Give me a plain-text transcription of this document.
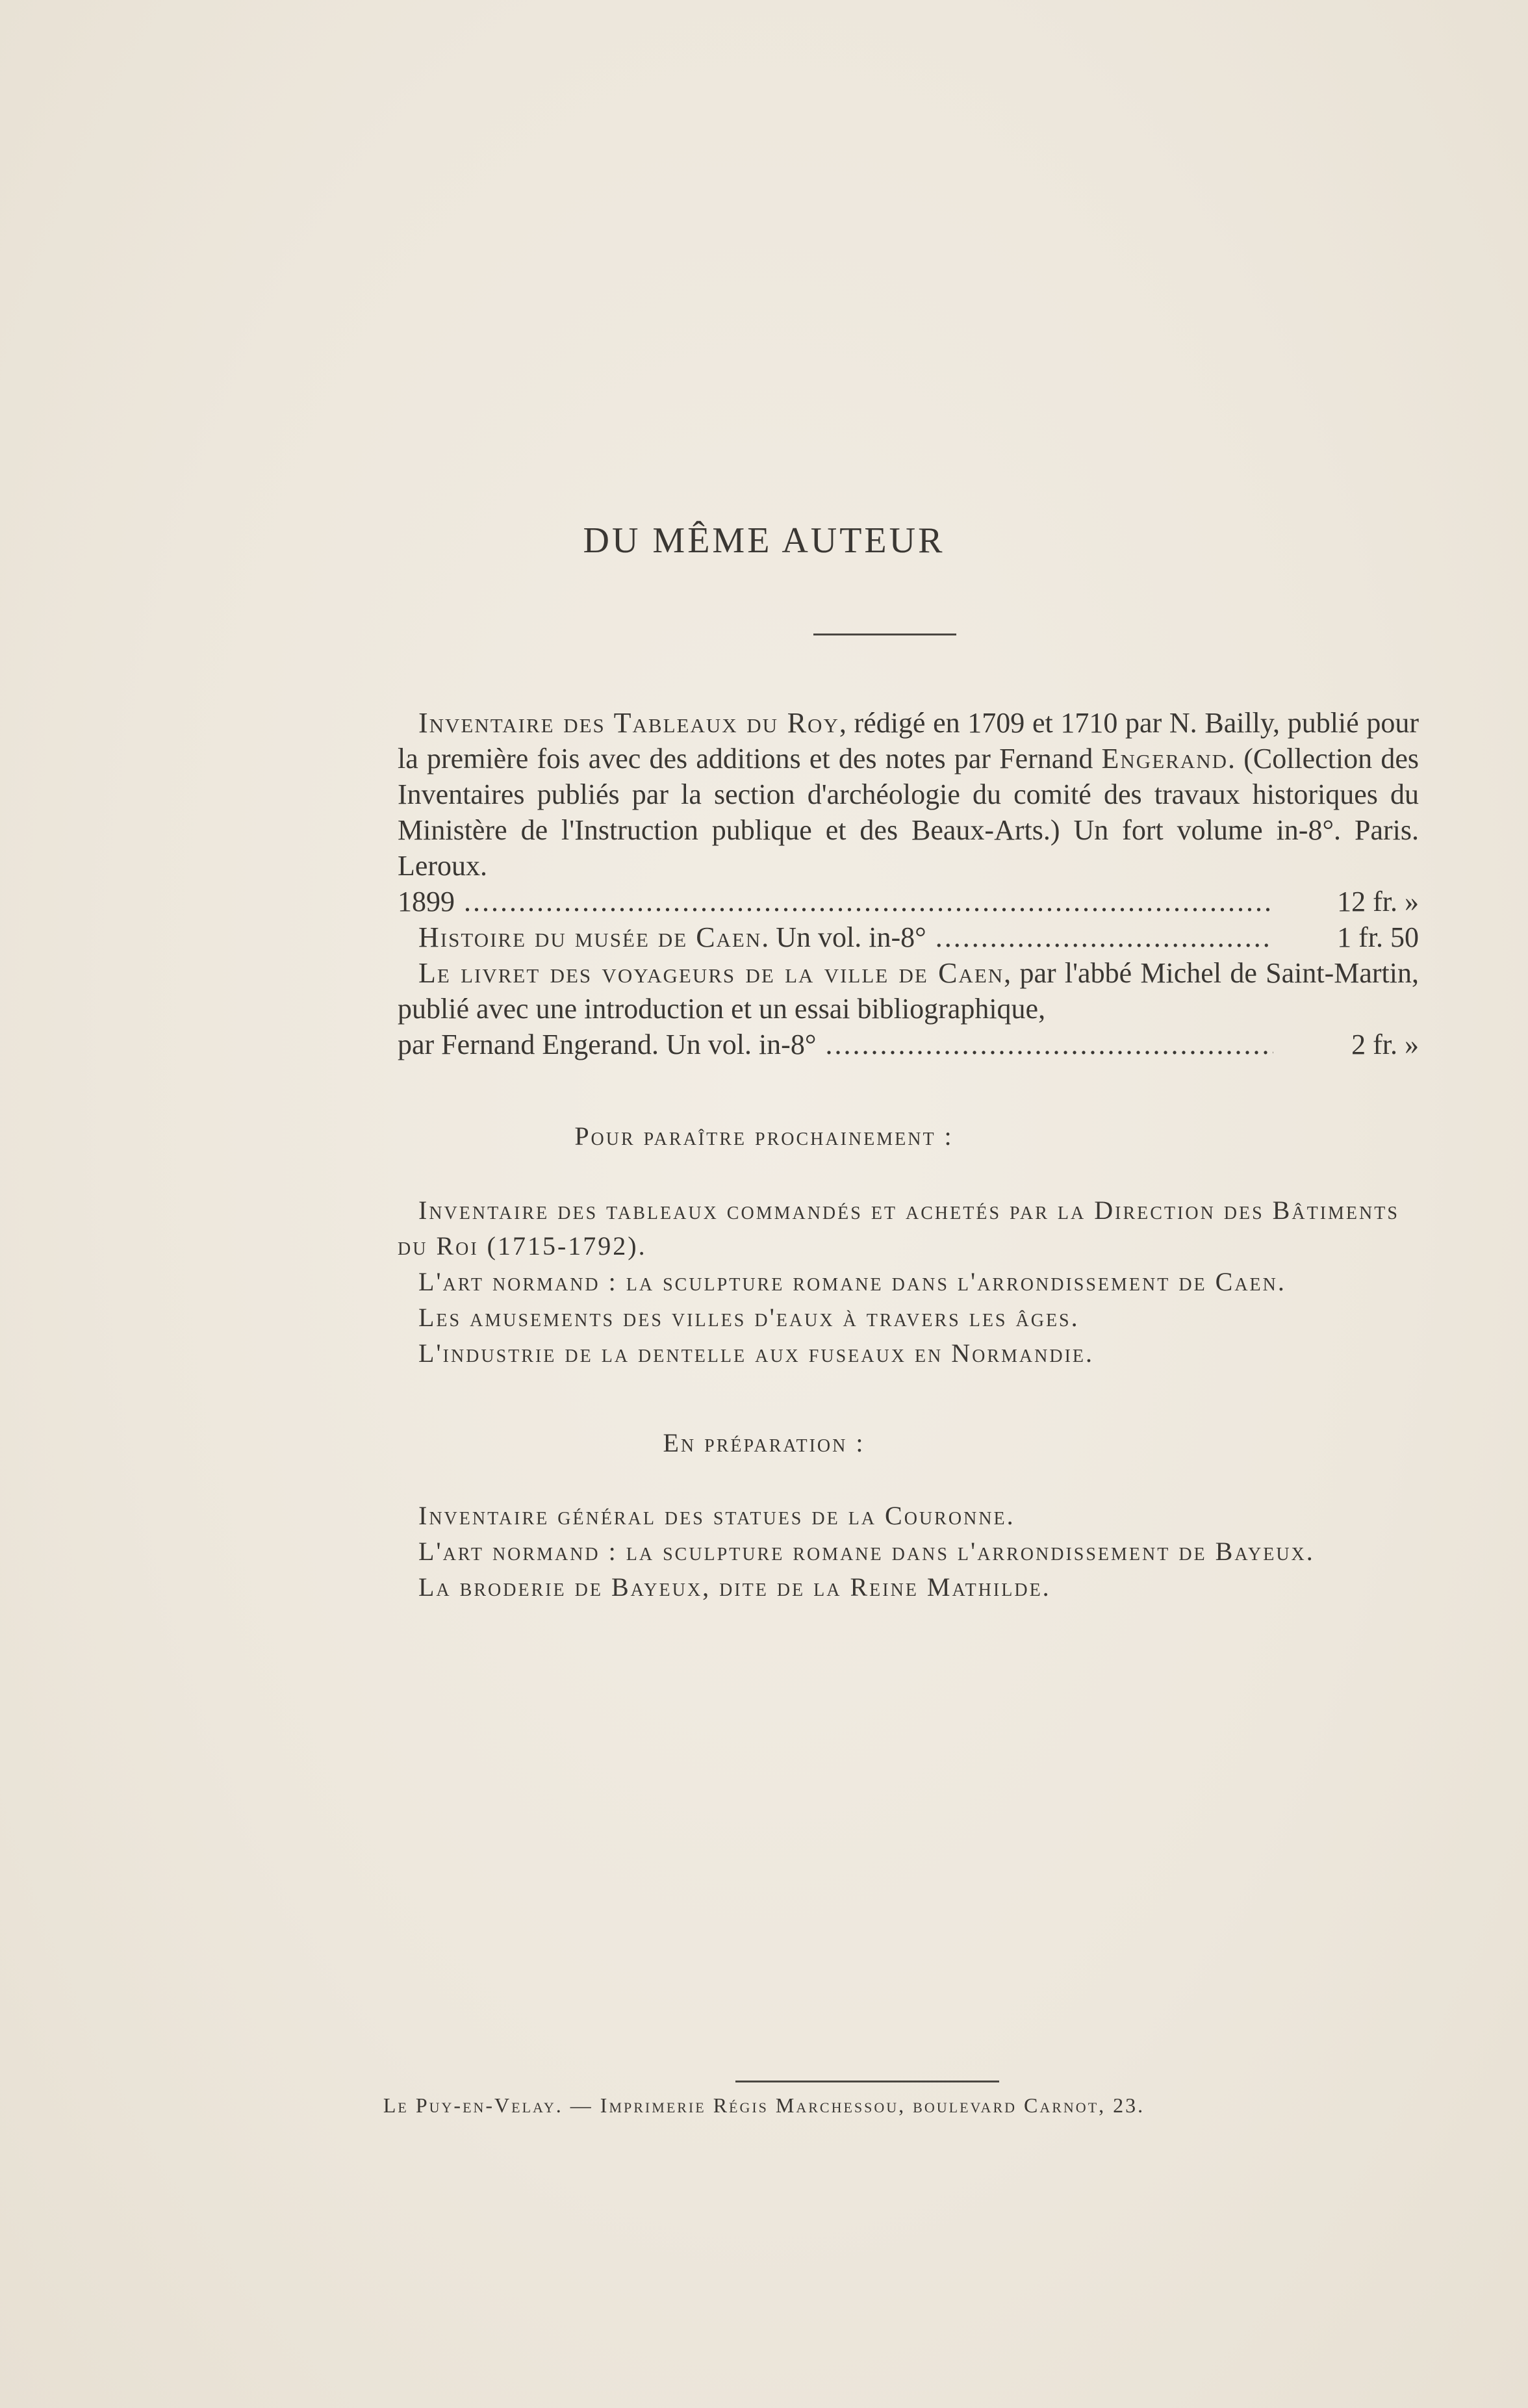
DU MÊME AUTEUR

Inventaire des Tableaux du Roy, rédigé en 1709 et 1710 par N. Bailly, publié pour la première fois avec des additions et des notes par Fernand Engerand. (Collection des Inventaires publiés par la section d'archéologie du comité des travaux historiques du Ministère de l'Instruction publique et des Beaux-Arts.) Un fort volume in-8°. Paris. Leroux.

1899 .....	12 fr. »
Histoire du musée de Caen. Un vol. in-8° .....	1 fr. 50

Le livret des voyageurs de la ville de Caen, par l'abbé Michel de Saint-Martin, publié avec une introduction et un essai bibliographique,

par Fernand Engerand. Un vol. in-8° .....	2 fr. »
Pour paraître prochainement :

Inventaire des tableaux commandés et achetés par la Direction des Bâtiments du Roi (1715-1792).

L'art normand : la sculpture romane dans l'arrondissement de Caen.

Les amusements des villes d'eaux à travers les âges.

L'industrie de la dentelle aux fuseaux en Normandie.

En préparation :

Inventaire général des statues de la Couronne.

L'art normand : la sculpture romane dans l'arrondissement de Bayeux.

La broderie de Bayeux, dite de la Reine Mathilde.

Le Puy-en-Velay. — Imprimerie Régis Marchessou, boulevard Carnot, 23.
